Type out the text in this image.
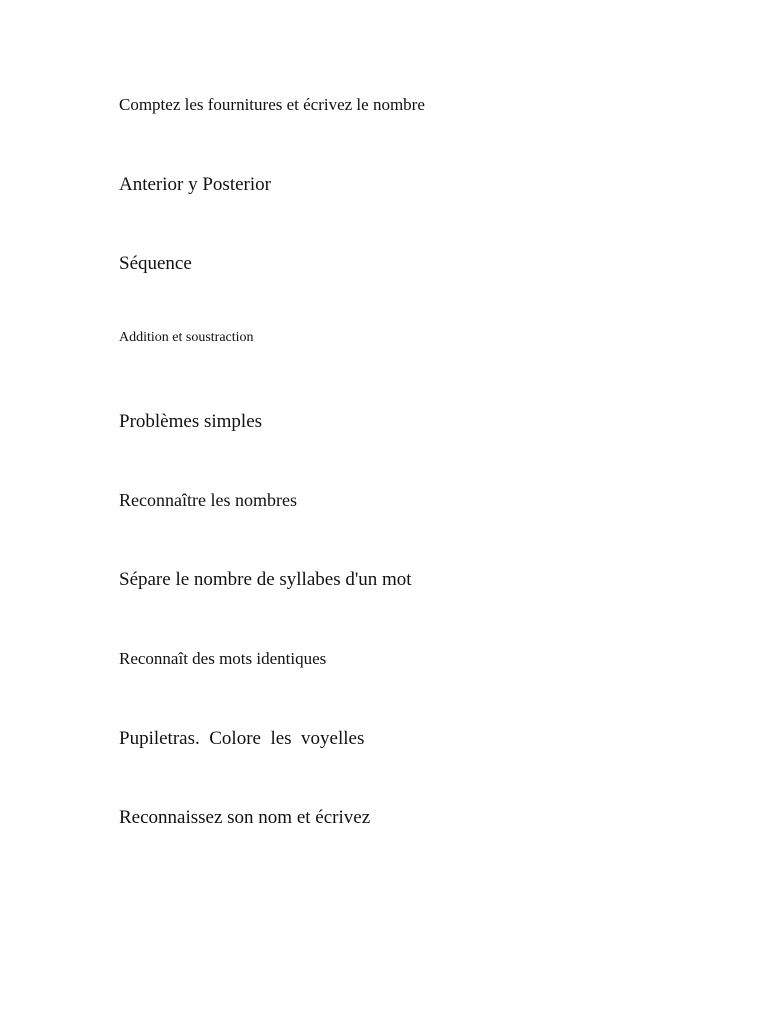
Comptez les fournitures et écrivez le nombre

Anterior y Posterior

Séquence

Addition et soustraction

Problèmes simples

Reconnaître les nombres

Sépare le nombre de syllabes d'un mot

Reconnaît des mots identiques

Pupiletras.  Colore  les  voyelles

Reconnaissez son nom et écrivez
